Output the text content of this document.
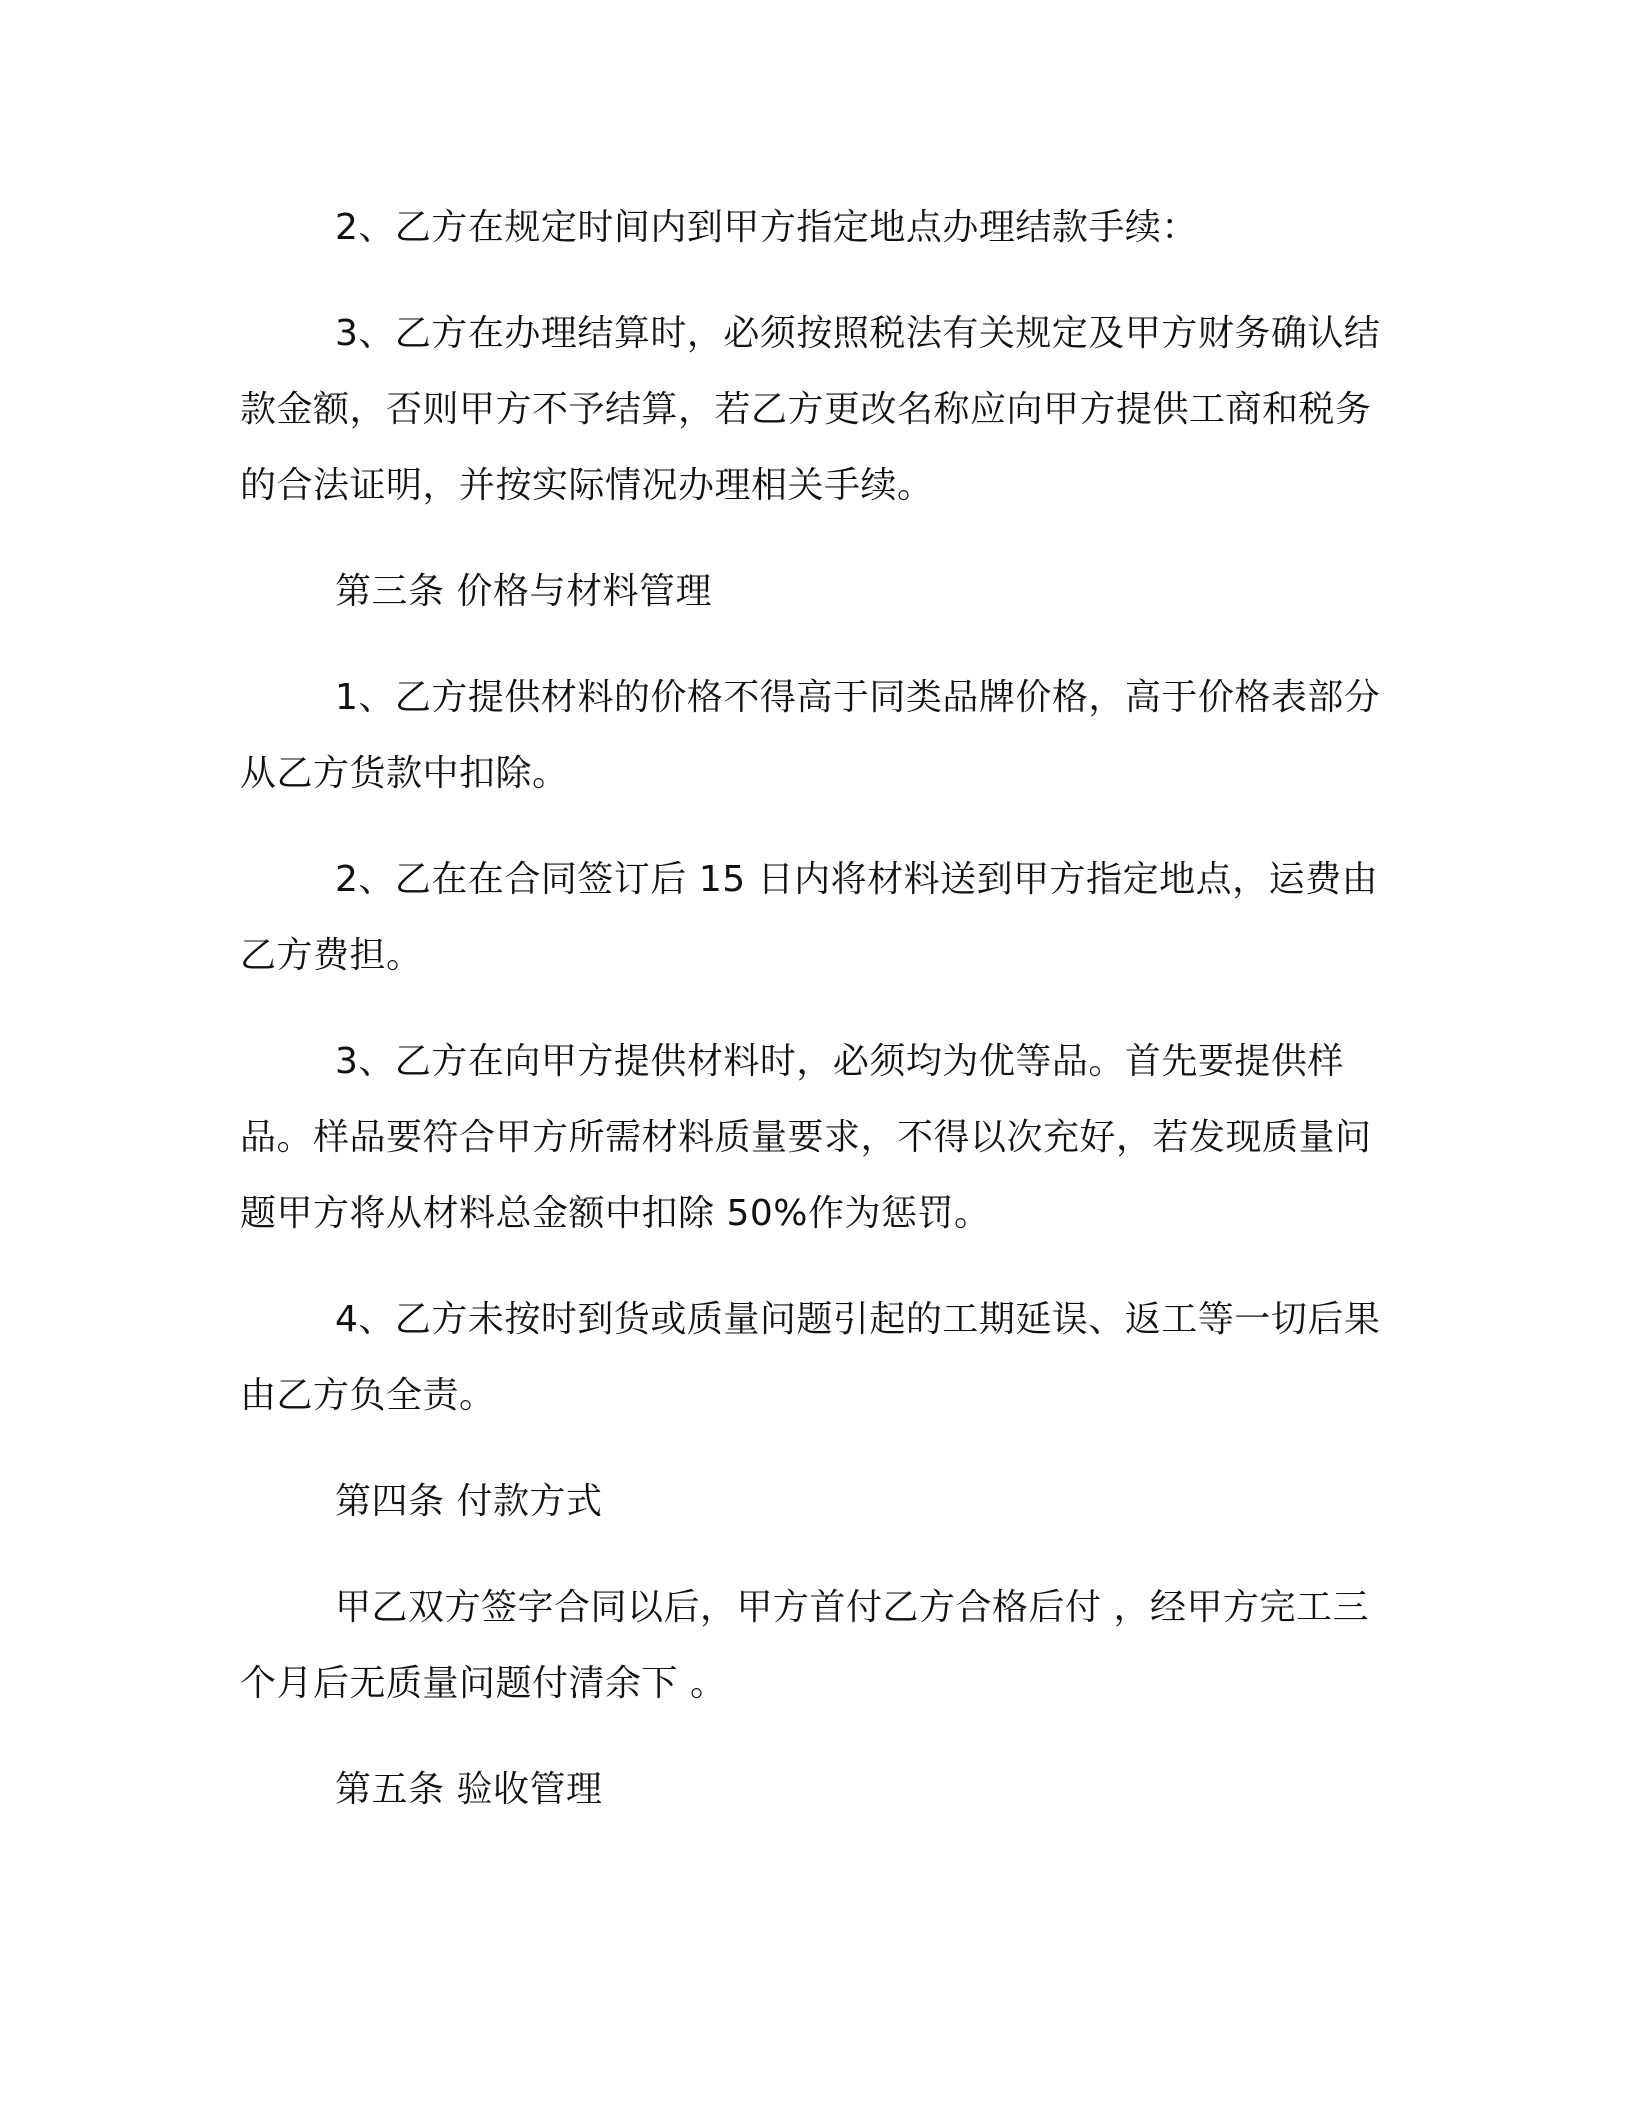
2、乙方在规定时间内到甲方指定地点办理结款手续：

3、乙方在办理结算时，必须按照税法有关规定及甲方财务确认结款金额，否则甲方不予结算，若乙方更改名称应向甲方提供工商和税务的合法证明，并按实际情况办理相关手续。

第三条 价格与材料管理

1、乙方提供材料的价格不得高于同类品牌价格，高于价格表部分从乙方货款中扣除。

2、乙在在合同签订后 15 日内将材料送到甲方指定地点，运费由乙方费担。

3、乙方在向甲方提供材料时，必须均为优等品。首先要提供样品。样品要符合甲方所需材料质量要求，不得以次充好，若发现质量问题甲方将从材料总金额中扣除 50%作为惩罚。

4、乙方未按时到货或质量问题引起的工期延误、返工等一切后果由乙方负全责。

第四条 付款方式

甲乙双方签字合同以后，甲方首付乙方合格后付 ，经甲方完工三个月后无质量问题付清余下 。

第五条 验收管理
